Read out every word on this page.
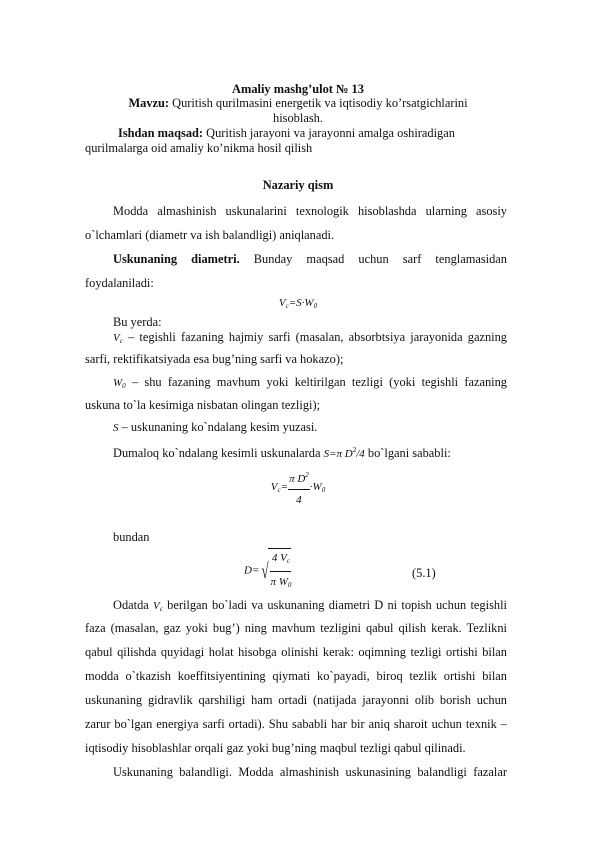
Amaliy mashg’ulot № 13
Mavzu: Quritish qurilmasini energetik va iqtisodiy ko’rsatgichlarini
hisoblash.
Ishdan maqsad: Quritish jarayoni va jarayonni amalga oshiradigan
qurilmalarga oid amaliy ko’nikma hosil qilish
Nazariy qism
Modda almashinish uskunalarini texnologik hisoblashda ularning asosiy
o`lchamlari (diametr va ish balandligi) aniqlanadi.
Uskunaning diametri. Bunday maqsad uchun sarf tenglamasidan
foydalaniladi:
$V_c=S\cdot W_0$
Bu yerda:
$V_c$ – tegishli fazaning hajmiy sarfi (masalan, absorbtsiya jarayonida gazning
sarfi, rektifikatsiyada esa bug’ning sarfi va hokazo);
$W_0$ – shu fazaning mavhum yoki keltirilgan tezligi (yoki tegishli fazaning
uskuna to`la kesimiga nisbatan olingan tezligi);
S – uskunaning ko`ndalang kesim yuzasi.
Dumaloq ko`ndalang kesimli uskunalarda S=π $D^2/4$ bo`lgani sababli:
$V_c= \frac{\pi D^2}{4} \cdot W_0$
bundan
D= √ $\frac{4 V_c}{\pi W_0}$	(5.1)
Odatda $V_c$ berilgan bo`ladi va uskunaning diametri D ni topish uchun tegishli
faza (masalan, gaz yoki bug’) ning mavhum tezligini qabul qilish kerak. Tezlikni
qabul qilishda quyidagi holat hisobga olinishi kerak: oqimning tezligi ortishi bilan
modda o`tkazish koeffitsiyentining qiymati ko`payadi, biroq tezlik ortishi bilan
uskunaning gidravlik qarshiligi ham ortadi (natijada jarayonni olib borish uchun
zarur bo`lgan energiya sarfi ortadi). Shu sababli har bir aniq sharoit uchun texnik –
iqtisodiy hisoblashlar orqali gaz yoki bug’ning maqbul tezligi qabul qilinadi.
Uskunaning balandligi. Modda almashinish uskunasining balandligi fazalar
